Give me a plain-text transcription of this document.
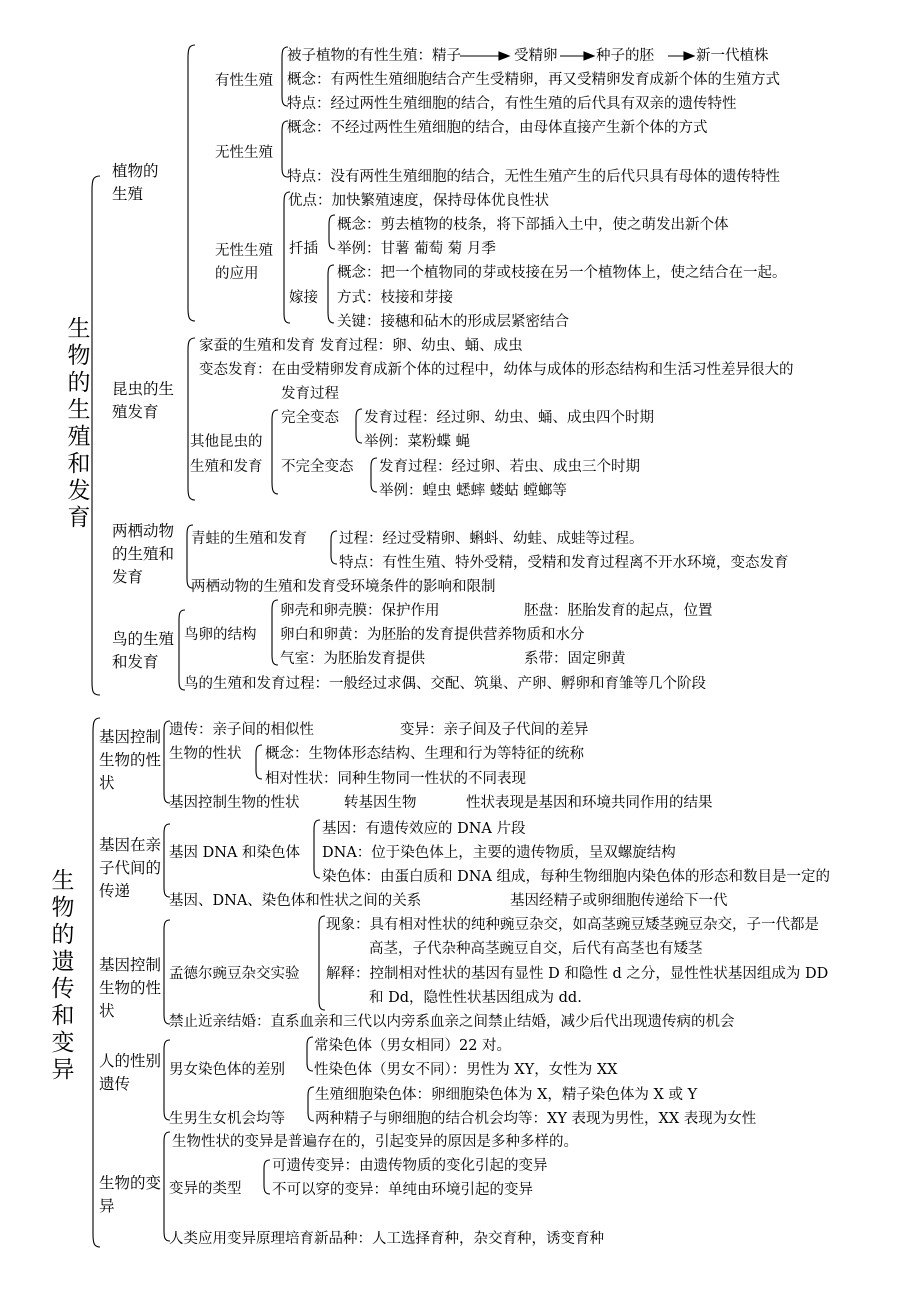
生物的生殖和发育
生物的遗传和变异
植物的生殖
有性生殖
被子植物的有性生殖：精子	受精卵	种子的胚	新一代植株
概念：有两性生殖细胞结合产生受精卵，再又受精卵发育成新个体的生殖方式
特点：经过两性生殖细胞的结合，有性生殖的后代具有双亲的遗传特性
无性生殖
概念：不经过两性生殖细胞的结合，由母体直接产生新个体的方式
特点：没有两性生殖细胞的结合，无性生殖产生的后代只具有母体的遗传特性
无性生殖的应用
优点：加快繁殖速度，保持母体优良性状
扦插
概念：剪去植物的枝条，将下部插入土中，使之萌发出新个体
举例：甘薯 葡萄 菊 月季
嫁接
概念：把一个植物同的芽或枝接在另一个植物体上，使之结合在一起。
方式：枝接和芽接
关键：接穗和砧木的形成层紧密结合
昆虫的生殖发育
家蚕的生殖和发育 发育过程：卵、幼虫、蛹、成虫
变态发育：在由受精卵发育成新个体的过程中，幼体与成体的形态结构和生活习性差异很大的
发育过程
其他昆虫的生殖和发育
完全变态 发育过程：经过卵、幼虫、蛹、成虫四个时期
举例：菜粉蝶 蝇
不完全变态 发育过程：经过卵、若虫、成虫三个时期
举例：蝗虫 蟋蟀 蝼蛄 螳螂等
两栖动物的生殖和发育
青蛙的生殖和发育 过程：经过受精卵、蝌蚪、幼蛙、成蛙等过程。
特点：有性生殖、特外受精，受精和发育过程离不开水环境，变态发育
两栖动物的生殖和发育受环境条件的影响和限制
鸟的生殖和发育
鸟卵的结构
卵壳和卵壳膜：保护作用	胚盘：胚胎发育的起点，位置
卵白和卵黄：为胚胎的发育提供营养物质和水分
气室：为胚胎发育提供	系带：固定卵黄
鸟的生殖和发育过程：一般经过求偶、交配、筑巢、产卵、孵卵和育雏等几个阶段
基因控制生物的性状
遗传：亲子间的相似性	变异：亲子间及子代间的差异
生物的性状 概念：生物体形态结构、生理和行为等特征的统称
相对性状：同种生物同一性状的不同表现
基因控制生物的性状	转基因生物	性状表现是基因和环境共同作用的结果
基因在亲子代间的传递
基因 DNA 和染色体
基因：有遗传效应的 DNA 片段
DNA：位于染色体上，主要的遗传物质，呈双螺旋结构
染色体：由蛋白质和 DNA 组成，每种生物细胞内染色体的形态和数目是一定的
基因、DNA、染色体和性状之间的关系	基因经精子或卵细胞传递给下一代
基因控制生物的性状
孟德尔豌豆杂交实验
现象：具有相对性状的纯种豌豆杂交，如高茎豌豆矮茎豌豆杂交，子一代都是
高茎，子代杂种高茎豌豆自交，后代有高茎也有矮茎
解释：控制相对性状的基因有显性 D 和隐性 d 之分，显性性状基因组成为 DD
和 Dd，隐性性状基因组成为 dd.
禁止近亲结婚：直系血亲和三代以内旁系血亲之间禁止结婚，减少后代出现遗传病的机会
人的性别遗传
男女染色体的差别
常染色体（男女相同）22 对。
性染色体（男女不同）：男性为 XY，女性为 XX
生男生女机会均等
生殖细胞染色体：卵细胞染色体为 X，精子染色体为 X 或 Y
两种精子与卵细胞的结合机会均等：XY 表现为男性，XX 表现为女性
生物的变异
生物性状的变异是普遍存在的，引起变异的原因是多种多样的。
变异的类型
可遗传变异：由遗传物质的变化引起的变异
不可以穿的变异：单纯由环境引起的变异
人类应用变异原理培育新品种：人工选择育种，杂交育种，诱变育种
